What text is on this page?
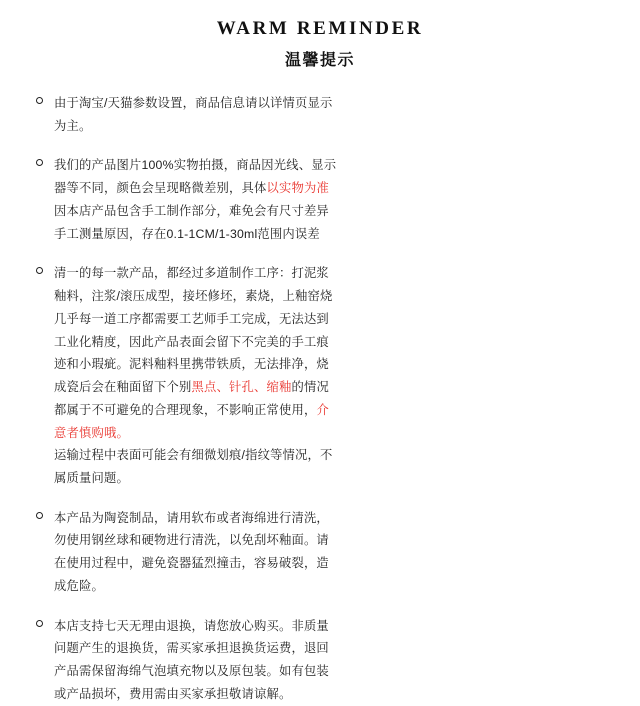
WARM REMINDER
温馨提示

由于淘宝/天猫参数设置，商品信息请以详情页显示

为主。

我们的产品图片100%实物拍摄，商品因光线、显示

器等不同，颜色会呈现略微差别，具体以实物为准

因本店产品包含手工制作部分，难免会有尺寸差异

手工测量原因，存在0.1-1CM/1-30ml范围内误差

清一的每一款产品，都经过多道制作工序：打泥浆

釉料，注浆/滚压成型，接坯修坯，素烧，上釉窑烧

几乎每一道工序都需要工艺师手工完成，无法达到

工业化精度，因此产品表面会留下不完美的手工痕

迹和小瑕疵。泥料釉料里携带铁质，无法排净，烧

成瓷后会在釉面留下个别黑点、针孔、缩釉的情况

都属于不可避免的合理现象，不影响正常使用，介

意者慎购哦。

运输过程中表面可能会有细微划痕/指纹等情况，不

属质量问题。

本产品为陶瓷制品，请用软布或者海绵进行清洗，

勿使用钢丝球和硬物进行清洗，以免刮坏釉面。请

在使用过程中，避免瓷器猛烈撞击，容易破裂，造

成危险。

本店支持七天无理由退换，请您放心购买。非质量

问题产生的退换货，需买家承担退换货运费，退回

产品需保留海绵气泡填充物以及原包装。如有包装

或产品损坏，费用需由买家承担敬请谅解。
